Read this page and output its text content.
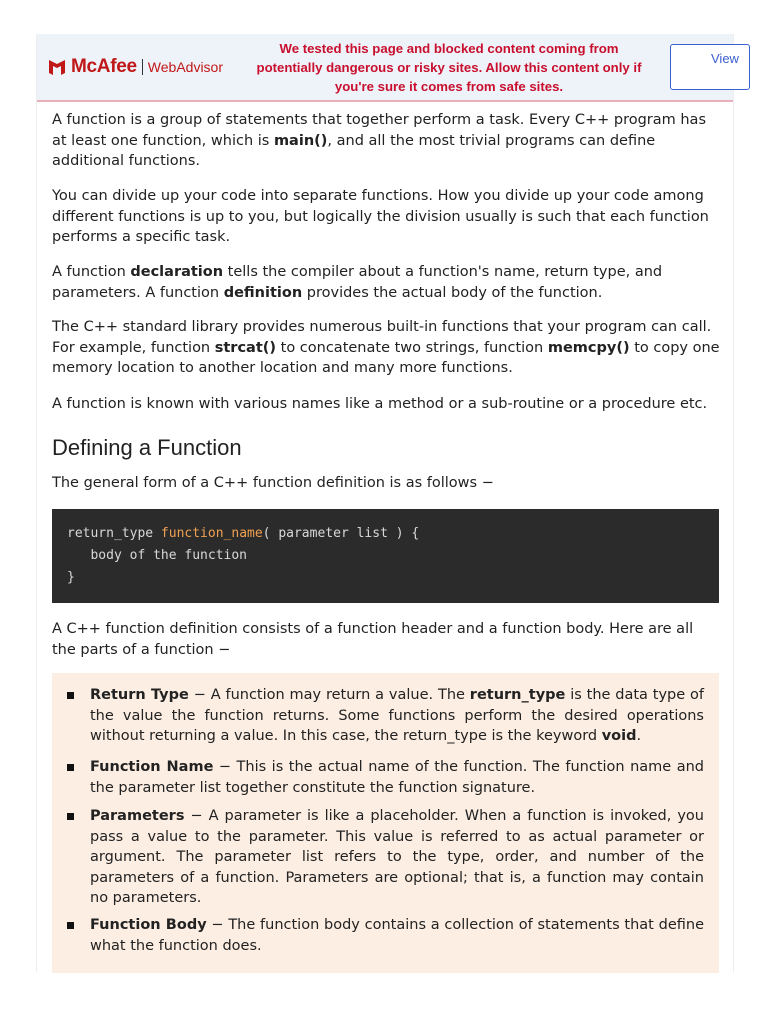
McAfee WebAdvisor
We tested this page and blocked content coming from potentially dangerous or risky sites. Allow this content only if you're sure it comes from safe sites.
View

A function is a group of statements that together perform a task. Every C++ program has at least one function, which is main(), and all the most trivial programs can define additional functions.

You can divide up your code into separate functions. How you divide up your code among different functions is up to you, but logically the division usually is such that each function performs a specific task.

A function declaration tells the compiler about a function's name, return type, and parameters. A function definition provides the actual body of the function.

The C++ standard library provides numerous built-in functions that your program can call. For example, function strcat() to concatenate two strings, function memcpy() to copy one memory location to another location and many more functions.

A function is known with various names like a method or a sub-routine or a procedure etc.

Defining a Function

The general form of a C++ function definition is as follows −

return_type function_name( parameter list ) {
body of the function
}

A C++ function definition consists of a function header and a function body. Here are all the parts of a function −

Return Type − A function may return a value. The return_type is the data type of the value the function returns. Some functions perform the desired operations without returning a value. In this case, the return_type is the keyword void.
Function Name − This is the actual name of the function. The function name and the parameter list together constitute the function signature.
Parameters − A parameter is like a placeholder. When a function is invoked, you pass a value to the parameter. This value is referred to as actual parameter or argument. The parameter list refers to the type, order, and number of the parameters of a function. Parameters are optional; that is, a function may contain no parameters.
Function Body − The function body contains a collection of statements that define what the function does.
